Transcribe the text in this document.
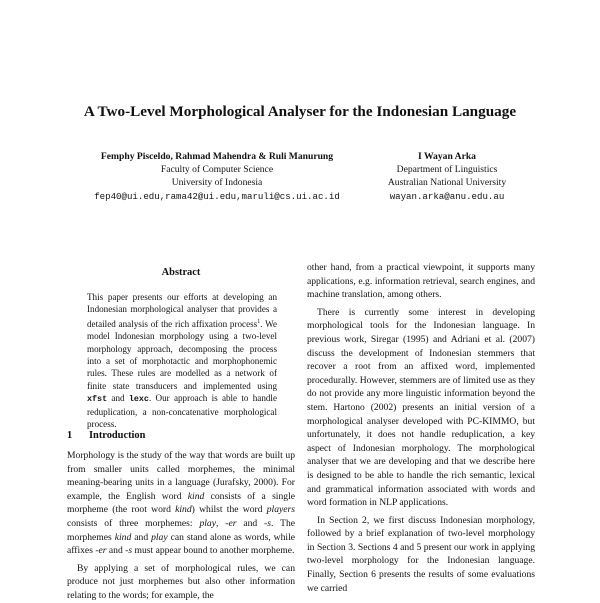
A Two-Level Morphological Analyser for the Indonesian Language
Femphy Pisceldo, Rahmad Mahendra & Ruli Manurung
Faculty of Computer Science
University of Indonesia
fep40@ui.edu,rama42@ui.edu,maruli@cs.ui.ac.id
I Wayan Arka
Department of Linguistics
Australian National University
wayan.arka@anu.edu.au
Abstract

This paper presents our efforts at developing an Indonesian morphological analyser that provides a detailed analysis of the rich affixation process$^1$. We model Indonesian morphology using a two-level morphology approach, decomposing the process into a set of morphotactic and morphophonemic rules. These rules are modelled as a network of finite state transducers and implemented using xfst and lexc. Our approach is able to handle reduplication, a non-concatenative morphological process.

1 Introduction

Morphology is the study of the way that words are built up from smaller units called morphemes, the minimal meaning-bearing units in a language (Jurafsky, 2000). For example, the English word kind consists of a single morpheme (the root word kind) whilst the word players consists of three morphemes: play, -er and -s. The morphemes kind and play can stand alone as words, while affixes -er and -s must appear bound to another morpheme.

By applying a set of morphological rules, we can produce not just morphemes but also other information relating to the words; for example, the

other hand, from a practical viewpoint, it supports many applications, e.g. information retrieval, search engines, and machine translation, among others.

There is currently some interest in developing morphological tools for the Indonesian language. In previous work, Siregar (1995) and Adriani et al. (2007) discuss the development of Indonesian stemmers that recover a root from an affixed word, implemented procedurally. However, stemmers are of limited use as they do not provide any more linguistic information beyond the stem. Hartono (2002) presents an initial version of a morphological analyser developed with PC-KIMMO, but unfortunately, it does not handle reduplication, a key aspect of Indonesian morphology. The morphological analyser that we are developing and that we describe here is designed to be able to handle the rich semantic, lexical and grammatical information associated with words and word formation in NLP applications.

In Section 2, we first discuss Indonesian morphology, followed by a brief explanation of two-level morphology in Section 3. Sections 4 and 5 present our work in applying two-level morphology for the Indonesian language. Finally, Section 6 presents the results of some evaluations we carried
